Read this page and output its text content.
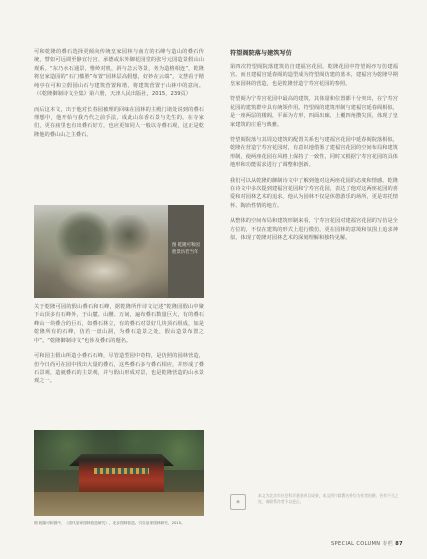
可和乾隆的叠石选择更倾向传统皇家园林与南方的石峰与造山的叠石传统，譬如可远调至静宜行宫、承德或东外御花园堂的张号元园造景假山山观系。“东乃水石通景，惟岭对机，斜与急云等景，务为造格相连”，乾隆将皇家造园的“石门槛胜”布置“园林层高假想，好妙在云端”，文慧看于精纯亭在可和立假园山石与建筑营置和谐，将建筑营置于山林中的意向。（《乾隆御制诗文全集》第六册，天津人民出版社，2015，239页）

而后这本文，出于他对长春园被理的回味在园林的主殿门诸处说到的叠石理想中，他开始与我乃代之前手法，成此山东香石景与先生的。在寺家们，更在庙里也有出叠石好方，也应更如同人一般以寺叠石观，这正是乾隆他的叠山山之主叠石。

图 乾隆可和园胜景仿若当年

关于乾隆可园的假山叠石和石峰，据乾隆所作诗文记述“乾隆园假山中聚下山顶多有石峰外，于山麓、山腰、万间，遍布叠石数量巨大，有的叠石峰山一块叠合的巨石，如叠石林立，有的叠石对景好几块顶石组成，如是乾隆所有的石峰，仿若一盘山洞，为叠石造景之处，假山造景布置之中”。“乾隆御制诗文”也涉及叠石的题名。

可和园主假山所造小叠石石峰，尽管造型园中奇特，是仿照的园林营造，但今日尚可在园中找出大量的叠石，这些叠石多与叠石相应，并形成了叠石景观，造就叠石的主景观，并与假山形成对景，也是乾隆营造的山水景观之一。

图 乾隆可和园中，《清代皇家园林营造研究》，北京园林营造。引自皇家园林研究，2015。
符望阁院落与建筑写仿

第四次符望阁院落建筑仿自建福宫花园，乾隆花园中符望阁亦写仿建福宫。而且建福宫延春阁的造型成为符望阁仿建的蓝本，建福宫为乾隆早期皇家园林的营造，也是乾隆营造宁寿宫花园的参照。

符望阁为宁寿宫花园中最高的建筑，其体量和位置都十分突出，在宁寿宫花园的建筑群中具有统领作用。符望阁的建筑形制与建福宫延春阁相似，是一座两层的楼阁，平面为方形，四面出廊，上覆四角攒尖顶，体现了皇家建筑的庄重与典雅。

符望阁院落与其周边建筑的配置关系也与建福宫花园中延春阁院落相似，乾隆在营造宁寿宫花园时，有意识地借鉴了建福宫花园的空间布局和建筑形制，使两座花园在风格上保持了一致性，同时又根据宁寿宫花园的具体地形和功能需求进行了调整和创新。

我们可以从乾隆的御制诗文中了解到他对这两座花园的态度和情感。乾隆在诗文中多次提到建福宫花园和宁寿宫花园，表达了他对这两座花园的喜爱和对园林艺术的追求。他认为园林不仅是休憩游乐的场所，更是寄托情怀、陶冶性情的地方。

从整体的空间布局和建筑形制来看，宁寿宫花园对建福宫花园的写仿是全方位的，不仅在建筑的形式上进行模仿，更在园林的意境和氛围上追求神似，体现了乾隆对园林艺术的深刻理解和独特见解。

◈
本文为北京市社会科学基金项目成果，本文图片除署名外均为作者拍摄，若有不当之处，请联系作者予以更正。
SPECIAL COLUMN 专栏 87
